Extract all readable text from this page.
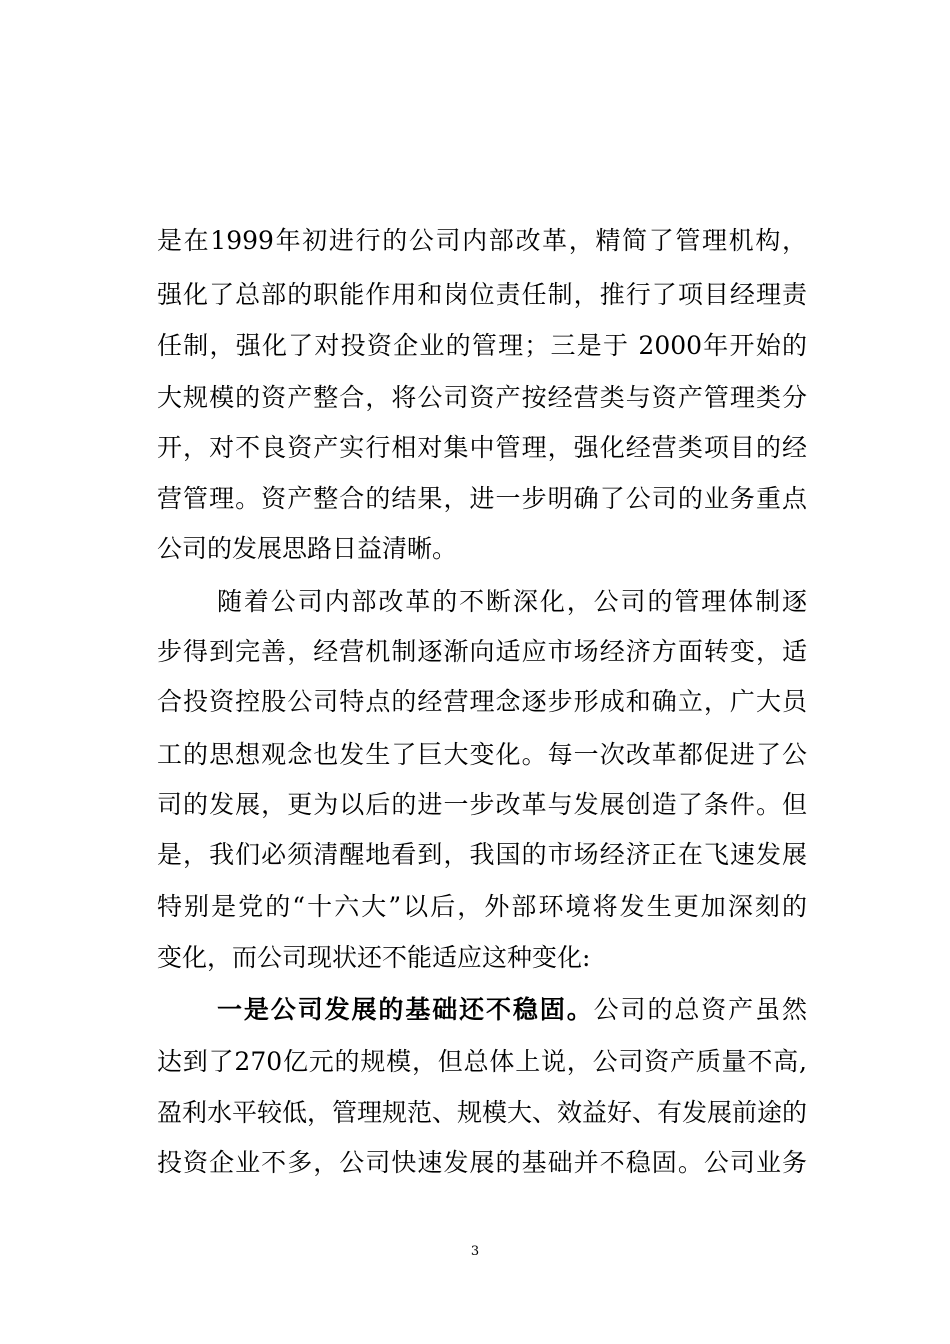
是在1999年初进行的公司内部改革，精简了管理机构，
强化了总部的职能作用和岗位责任制，推行了项目经理责
任制，强化了对投资企业的管理；三是于 2000年开始的
大规模的资产整合，将公司资产按经营类与资产管理类分
开，对不良资产实行相对集中管理，强化经营类项目的经
营管理。资产整合的结果，进一步明确了公司的业务重点
公司的发展思路日益清晰。
随着公司内部改革的不断深化，公司的管理体制逐
步得到完善，经营机制逐渐向适应市场经济方面转变，适
合投资控股公司特点的经营理念逐步形成和确立，广大员
工的思想观念也发生了巨大变化。每一次改革都促进了公
司的发展，更为以后的进一步改革与发展创造了条件。但
是，我们必须清醒地看到，我国的市场经济正在飞速发展
特别是党的“十六大”以后，外部环境将发生更加深刻的
变化，而公司现状还不能适应这种变化:
一是公司发展的基础还不稳固。公司的总资产虽然
达到了270亿元的规模，但总体上说，公司资产质量不高,
盈利水平较低，管理规范、规模大、效益好、有发展前途的
投资企业不多，公司快速发展的基础并不稳固。公司业务
3
